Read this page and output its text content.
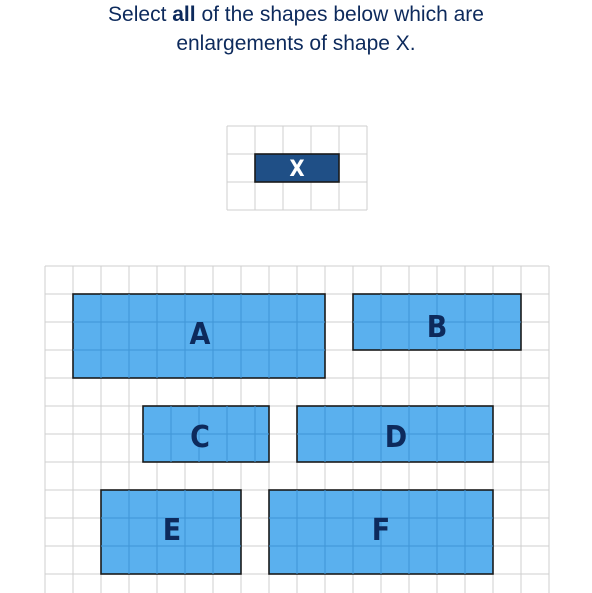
Select all of the shapes below which are
enlargements of shape X.
X
A	B
C	D
E	F
